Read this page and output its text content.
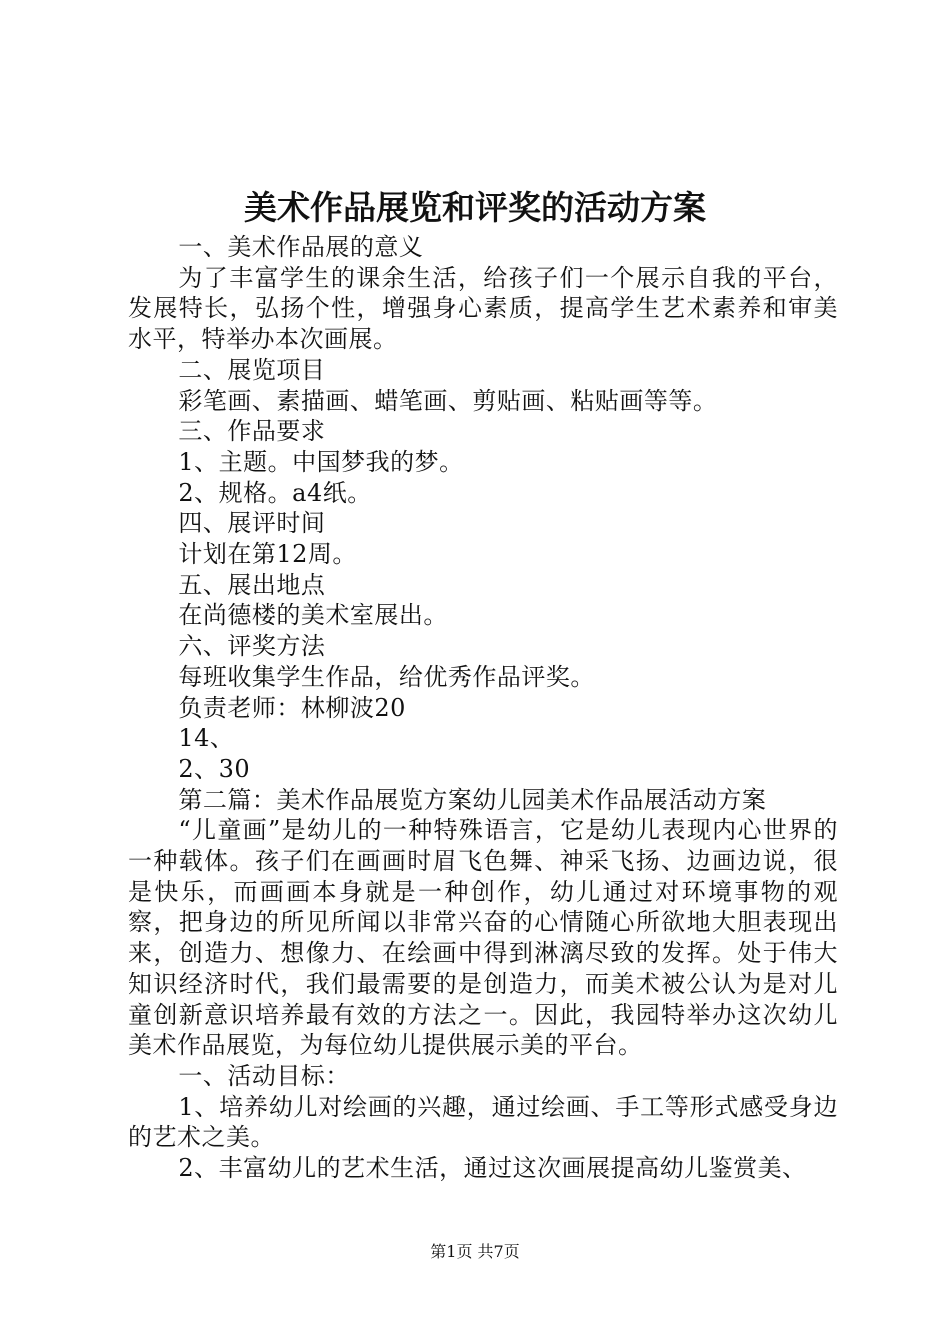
美术作品展览和评奖的活动方案
一、美术作品展的意义
为了丰富学生的课余生活，给孩子们一个展示自我的平台，发展特长，弘扬个性，增强身心素质，提高学生艺术素养和审美水平，特举办本次画展。
二、展览项目
彩笔画、素描画、蜡笔画、剪贴画、粘贴画等等。
三、作品要求
1、主题。中国梦我的梦。
2、规格。a4纸。
四、展评时间
计划在第12周。
五、展出地点
在尚德楼的美术室展出。
六、评奖方法
每班收集学生作品，给优秀作品评奖。
负责老师：林柳波20
14、
2、30
第二篇：美术作品展览方案幼儿园美术作品展活动方案
“儿童画”是幼儿的一种特殊语言，它是幼儿表现内心世界的一种载体。孩子们在画画时眉飞色舞、神采飞扬、边画边说，很是快乐，而画画本身就是一种创作，幼儿通过对环境事物的观察，把身边的所见所闻以非常兴奋的心情随心所欲地大胆表现出来，创造力、想像力、在绘画中得到淋漓尽致的发挥。处于伟大知识经济时代，我们最需要的是创造力，而美术被公认为是对儿童创新意识培养最有效的方法之一。因此，我园特举办这次幼儿美术作品展览，为每位幼儿提供展示美的平台。
一、活动目标：
1、培养幼儿对绘画的兴趣，通过绘画、手工等形式感受身边的艺术之美。
2、丰富幼儿的艺术生活，通过这次画展提高幼儿鉴赏美、
第1页 共7页
